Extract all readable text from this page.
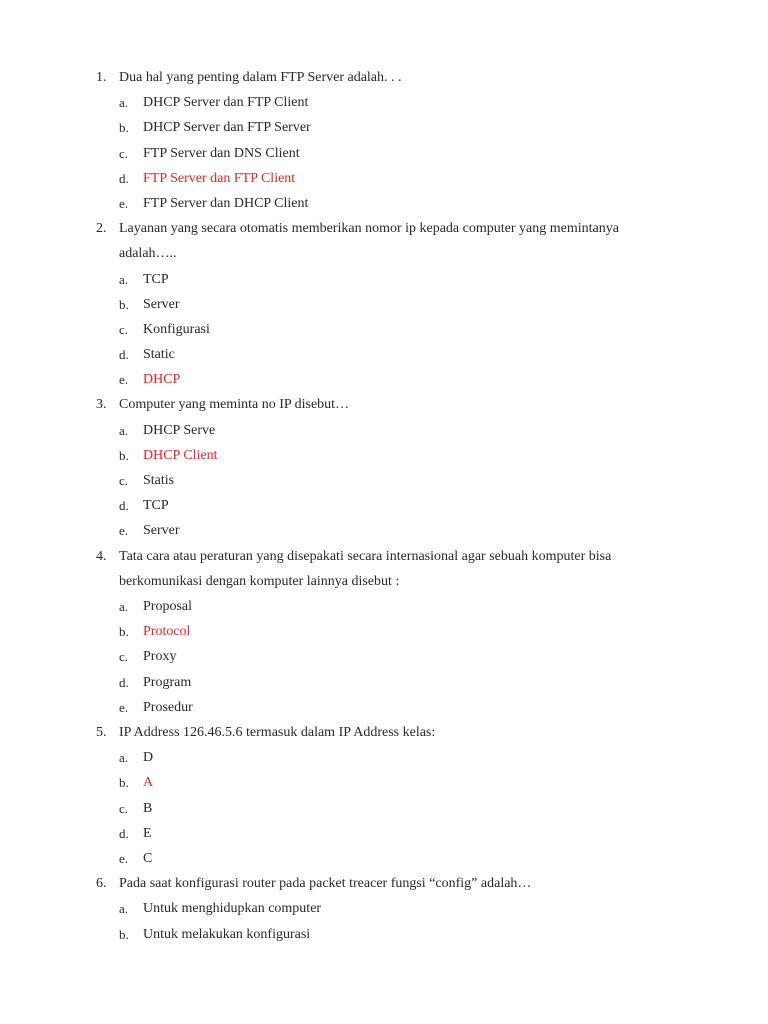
1. Dua hal yang penting dalam FTP Server adalah. . .
a. DHCP Server dan FTP Client
b. DHCP Server dan FTP Server
c. FTP Server dan DNS Client
d. FTP Server dan FTP Client
e. FTP Server dan DHCP Client
2. Layanan yang secara otomatis memberikan nomor ip kepada computer yang memintanya adalah…..
a. TCP
b. Server
c. Konfigurasi
d. Static
e. DHCP
3. Computer yang meminta no IP disebut…
a. DHCP Serve
b. DHCP Client
c. Statis
d. TCP
e. Server
4. Tata cara atau peraturan yang disepakati secara internasional agar sebuah komputer bisa berkomunikasi dengan komputer lainnya disebut :
a. Proposal
b. Protocol
c. Proxy
d. Program
e. Prosedur
5. IP Address 126.46.5.6 termasuk dalam IP Address kelas:
a. D
b. A
c. B
d. E
e. C
6. Pada saat konfigurasi router pada packet treacer fungsi “config” adalah…
a. Untuk menghidupkan computer
b. Untuk melakukan konfigurasi
